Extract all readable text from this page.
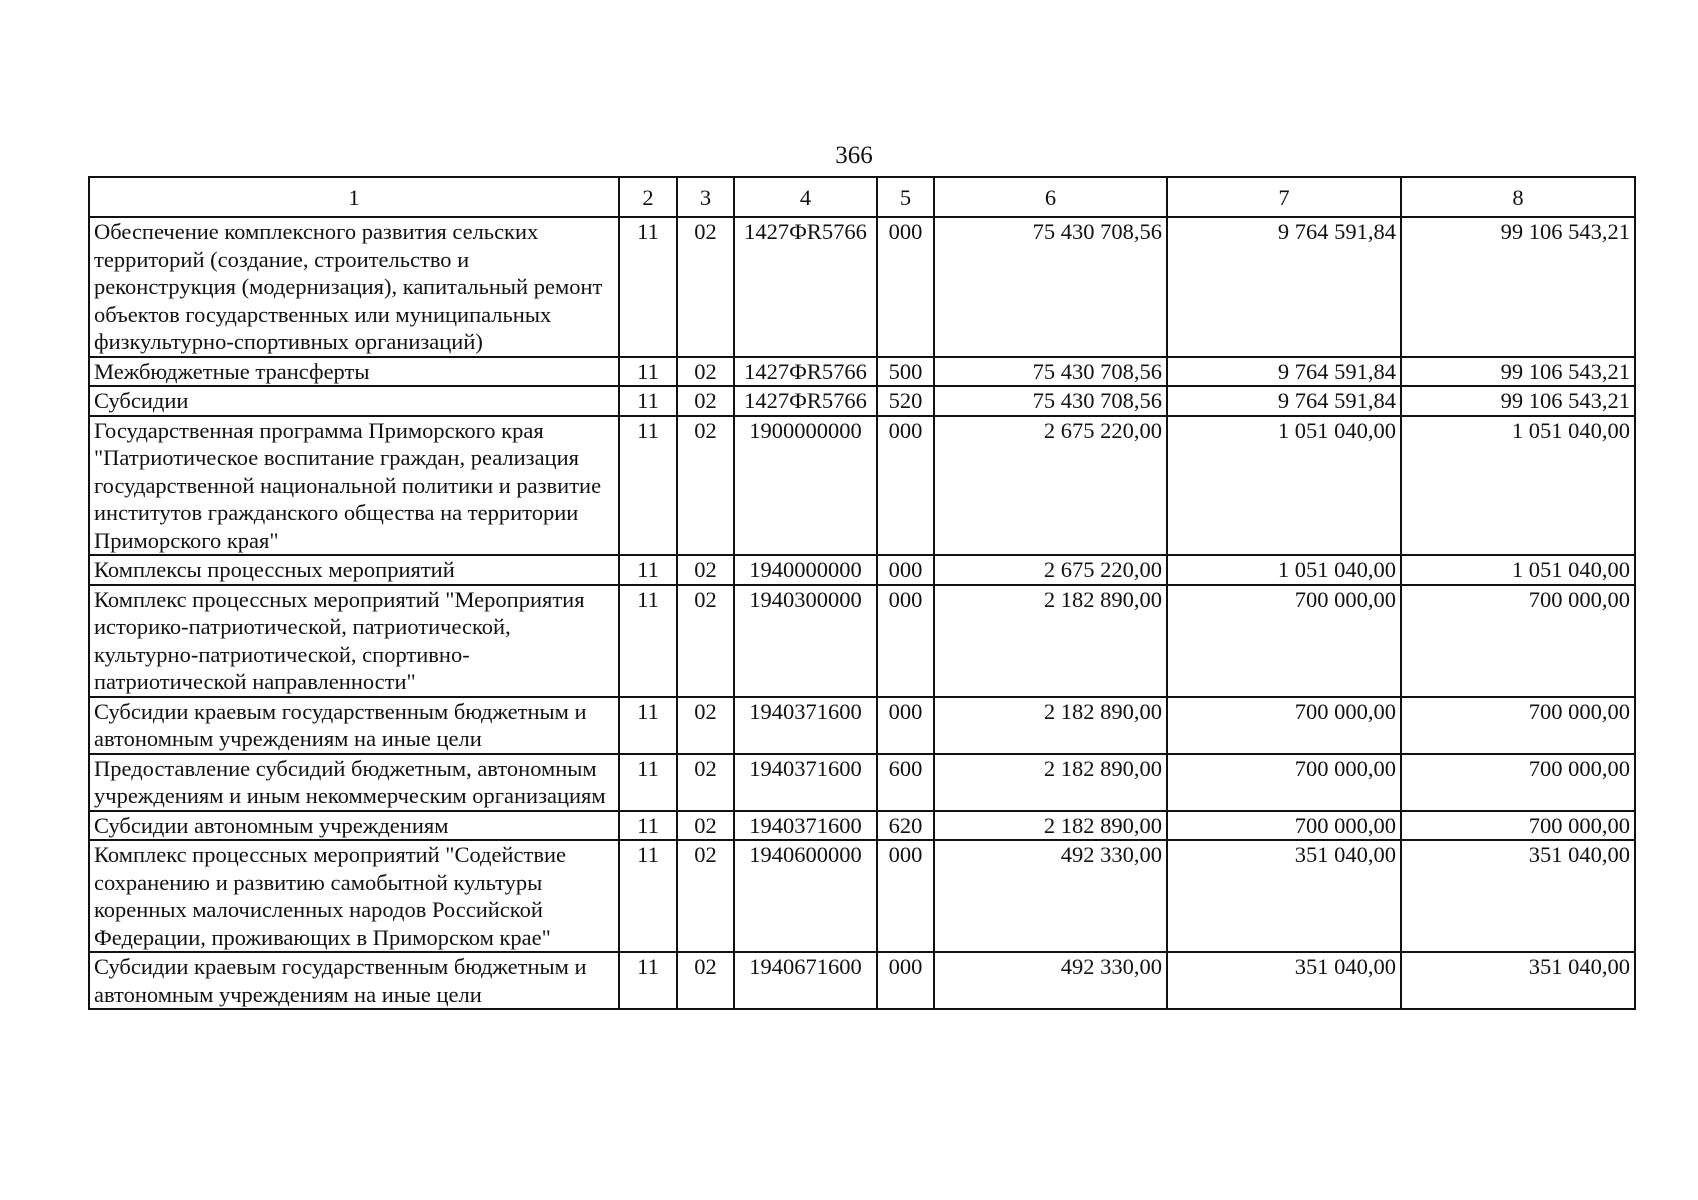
366
1	2	3	4	5	6	7	8
Обеспечение комплексного развития сельских территорий (создание, строительство и реконструкция (модернизация), капитальный ремонт объектов государственных или муниципальных физкультурно-спортивных организаций)	11	02	1427ФR5766	000	75 430 708,56	9 764 591,84	99 106 543,21
Межбюджетные трансферты	11	02	1427ФR5766	500	75 430 708,56	9 764 591,84	99 106 543,21
Субсидии	11	02	1427ФR5766	520	75 430 708,56	9 764 591,84	99 106 543,21
Государственная программа Приморского края "Патриотическое воспитание граждан, реализация государственной национальной политики и развитие институтов гражданского общества на территории Приморского края"	11	02	1900000000	000	2 675 220,00	1 051 040,00	1 051 040,00
Комплексы процессных мероприятий	11	02	1940000000	000	2 675 220,00	1 051 040,00	1 051 040,00
Комплекс процессных мероприятий "Мероприятия историко-патриотической, патриотической, культурно-патриотической, спортивно-патриотической направленности"	11	02	1940300000	000	2 182 890,00	700 000,00	700 000,00
Субсидии краевым государственным бюджетным и автономным учреждениям на иные цели	11	02	1940371600	000	2 182 890,00	700 000,00	700 000,00
Предоставление субсидий бюджетным, автономным учреждениям и иным некоммерческим организациям	11	02	1940371600	600	2 182 890,00	700 000,00	700 000,00
Субсидии автономным учреждениям	11	02	1940371600	620	2 182 890,00	700 000,00	700 000,00
Комплекс процессных мероприятий "Содействие сохранению и развитию самобытной культуры коренных малочисленных народов Российской Федерации, проживающих в Приморском крае"	11	02	1940600000	000	492 330,00	351 040,00	351 040,00
Субсидии краевым государственным бюджетным и автономным учреждениям на иные цели	11	02	1940671600	000	492 330,00	351 040,00	351 040,00
